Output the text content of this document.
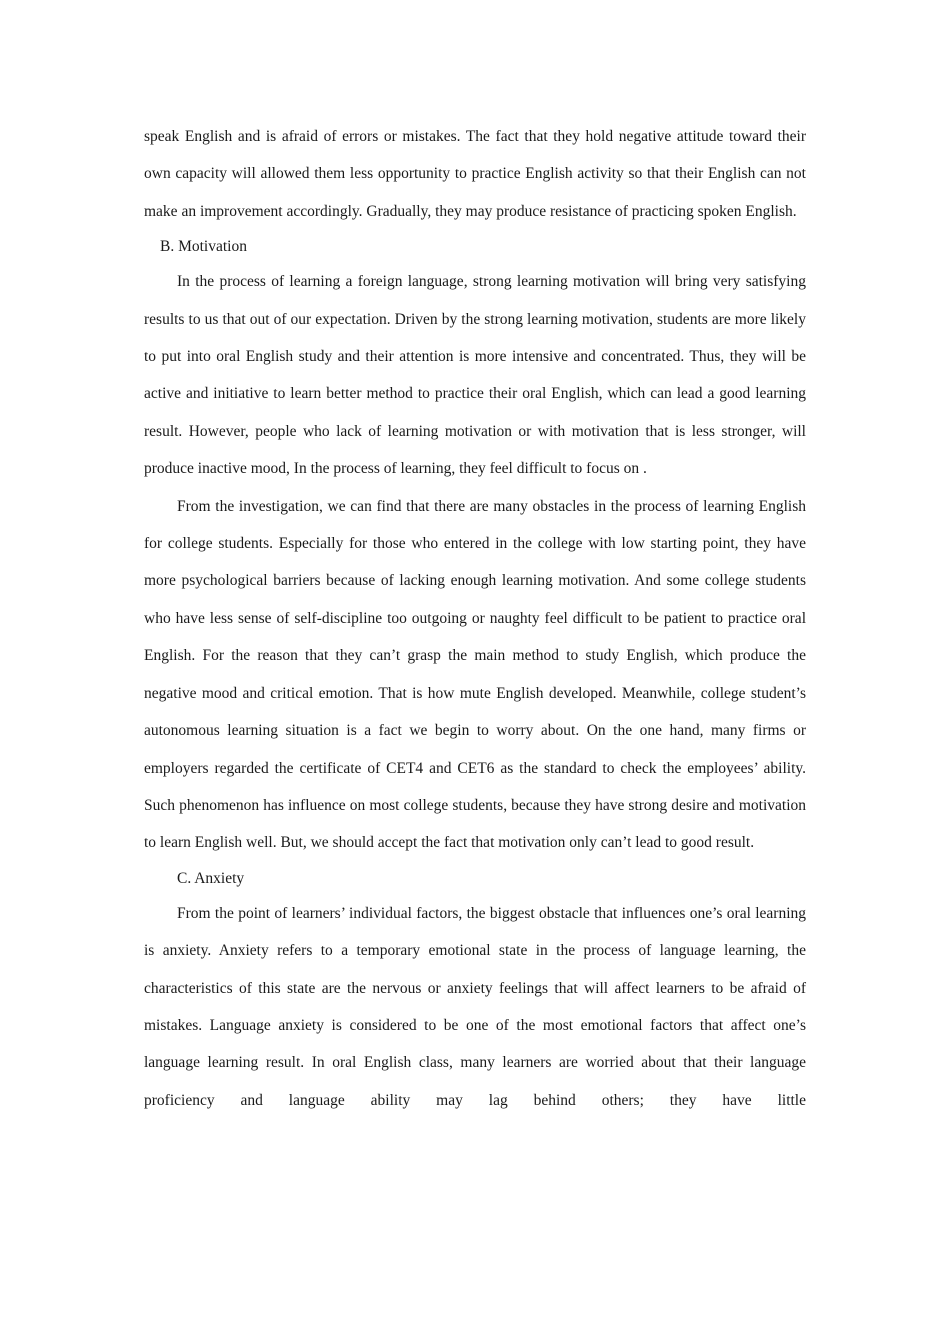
speak English and is afraid of errors or mistakes. The fact that they hold negative attitude toward their own capacity will allowed them less opportunity to practice English activity so that their English can not make an improvement accordingly. Gradually, they may produce resistance of practicing spoken English.

B. Motivation

In the process of learning a foreign language, strong learning motivation will bring very satisfying results to us that out of our expectation. Driven by the strong learning motivation, students are more likely to put into oral English study and their attention is more intensive and concentrated. Thus, they will be active and initiative to learn better method to practice their oral English, which can lead a good learning result. However, people who lack of learning motivation or with motivation that is less stronger, will produce inactive mood, In the process of learning, they feel difficult to focus on .

From the investigation, we can find that there are many obstacles in the process of learning English for college students. Especially for those who entered in the college with low starting point, they have more psychological barriers because of lacking enough learning motivation. And some college students who have less sense of self-discipline too outgoing or naughty feel difficult to be patient to practice oral English. For the reason that they can’t grasp the main method to study English, which produce the negative mood and critical emotion. That is how mute English developed. Meanwhile, college student’s autonomous learning situation is a fact we begin to worry about. On the one hand, many firms or employers regarded the certificate of CET4 and CET6 as the standard to check the employees’ ability. Such phenomenon has influence on most college students, because they have strong desire and motivation to learn English well. But, we should accept the fact that motivation only can’t lead to good result.

C. Anxiety

From the point of learners’ individual factors, the biggest obstacle that influences one’s oral learning is anxiety. Anxiety refers to a temporary emotional state in the process of language learning, the characteristics of this state are the nervous or anxiety feelings that will affect learners to be afraid of mistakes. Language anxiety is considered to be one of the most emotional factors that affect one’s language learning result. In oral English class, many learners are worried about that their language proficiency and language ability may lag behind others; they have little
